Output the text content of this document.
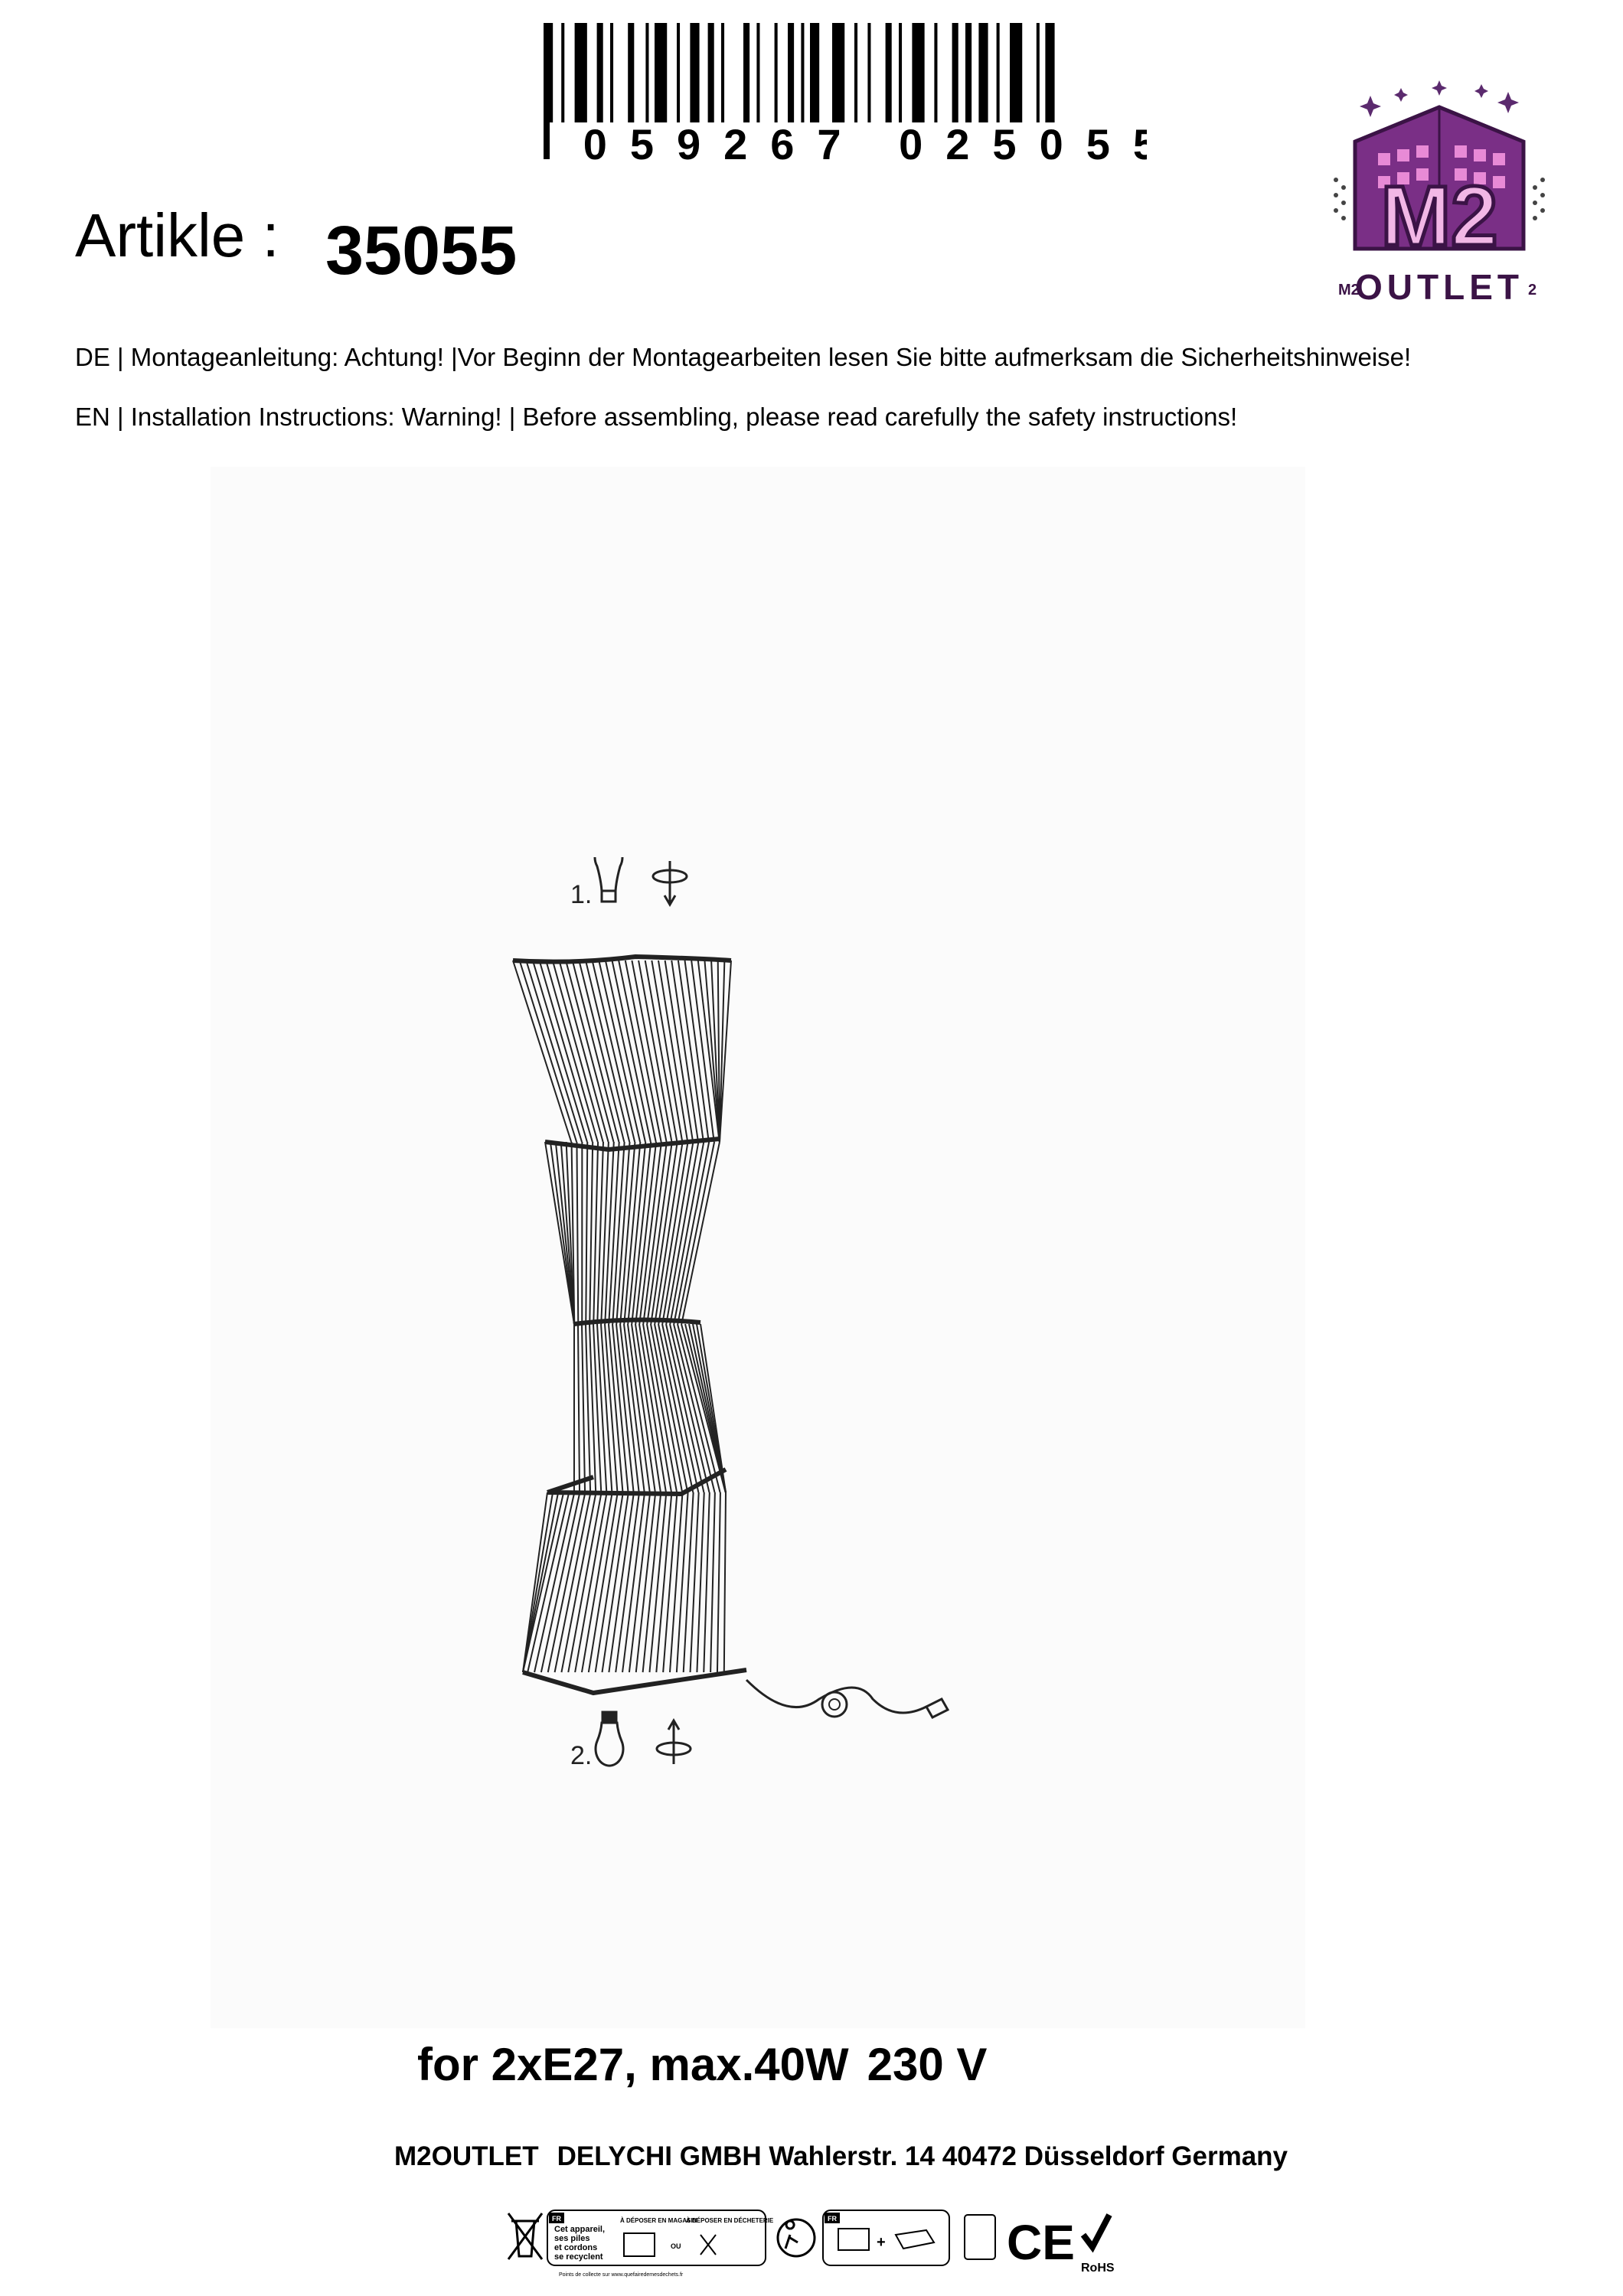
4 059267 025055
M2
M2
OUTLET 2
Artikle : 35055
DE | Montageanleitung: Achtung! |Vor Beginn der Montagearbeiten lesen Sie bitte aufmerksam die Sicherheitshinweise!
EN | Installation Instructions: Warning! | Before assembling, please read carefully the safety instructions!
1.
2.
for 2xE27, max.40W 230 V
M2OUTLET DELYCHI GMBH Wahlerstr. 14 40472 Düsseldorf Germany
FR
Cet appareil,
ses piles
et cordons
se recyclent
À DÉPOSER EN MAGASIN
OU
À DÉPOSER EN DÉCHETERIE
Points de collecte sur www.quefairedemesdechets.fr
FR
+ CE RoHS
